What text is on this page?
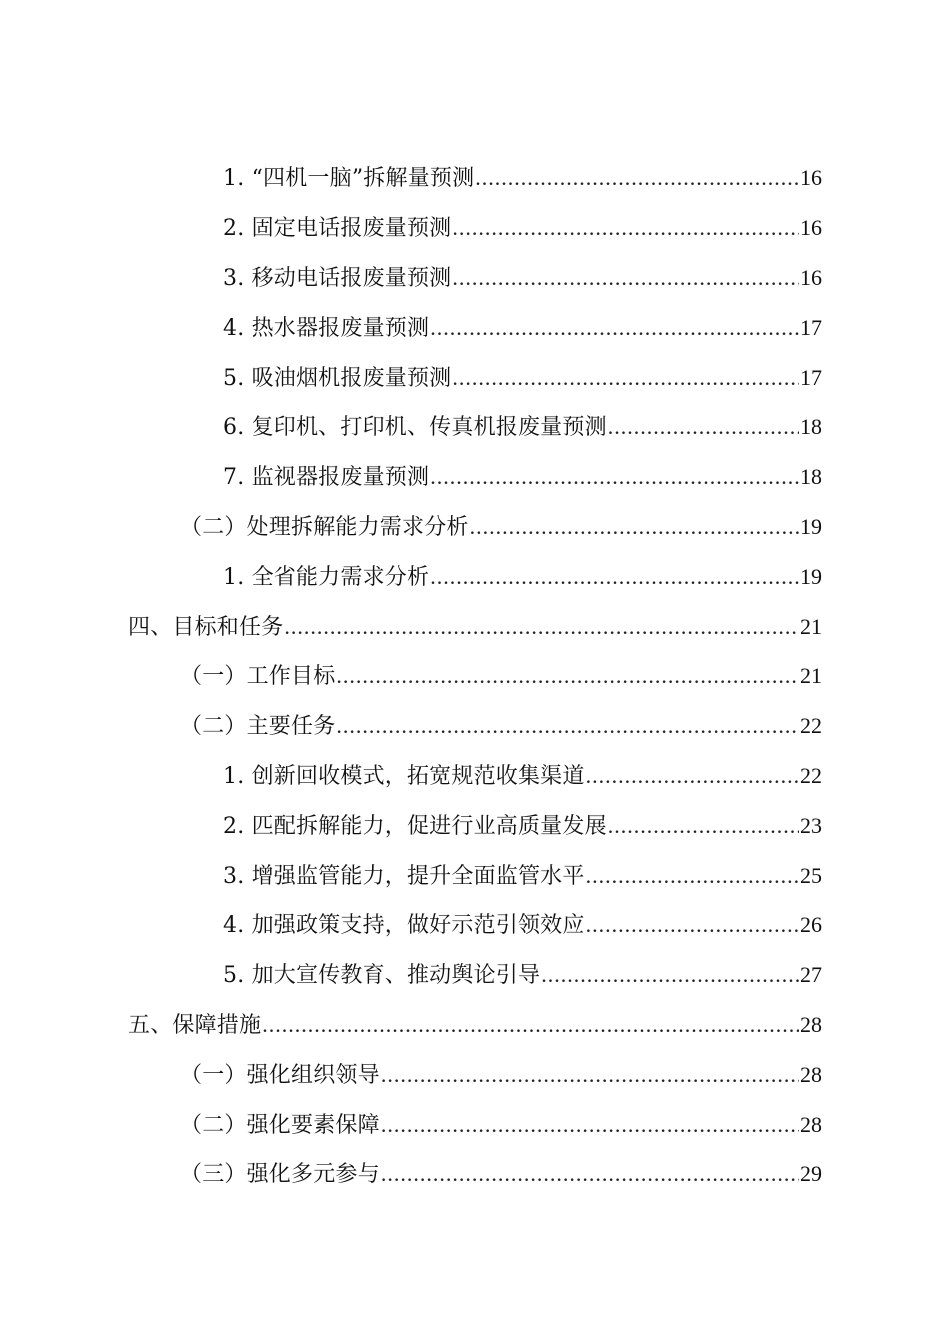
1. “四机一脑”拆解量预测 .....	16
2. 固定电话报废量预测 .....	16
3. 移动电话报废量预测 .....	16
4. 热水器报废量预测 .....	17
5. 吸油烟机报废量预测 .....	17
6. 复印机、打印机、传真机报废量预测 .....	18
7. 监视器报废量预测 .....	18
（二）处理拆解能力需求分析 .....	19
1. 全省能力需求分析 .....	19
四、目标和任务 .....	21
（一）工作目标 .....	21
（二）主要任务 .....	22
1. 创新回收模式，拓宽规范收集渠道 .....	22
2. 匹配拆解能力，促进行业高质量发展 .....	23
3. 增强监管能力，提升全面监管水平 .....	25
4. 加强政策支持，做好示范引领效应 .....	26
5. 加大宣传教育、推动舆论引导 .....	27
五、保障措施 .....	28
（一）强化组织领导 .....	28
（二）强化要素保障 .....	28
（三）强化多元参与 .....	29
